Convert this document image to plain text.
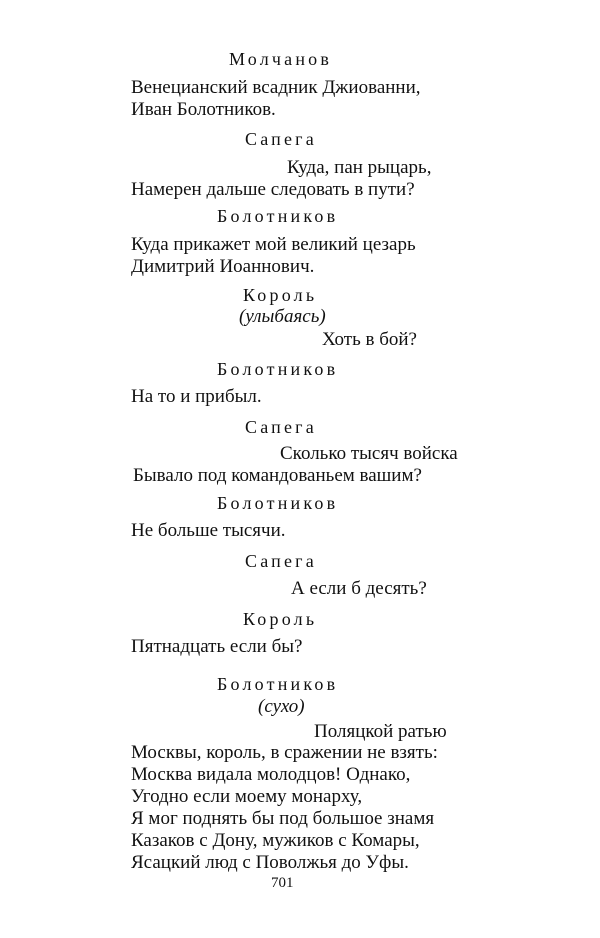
Молчанов

Венецианский всадник Джиованни,

Иван Болотников.

Сапега

Куда, пан рыцарь,

Намерен дальше следовать в пути?

Болотников

Куда прикажет мой великий цезарь

Димитрий Иоаннович.

Король

(улыбаясь)

Хоть в бой?

Болотников

На то и прибыл.

Сапега

Сколько тысяч войска

Бывало под командованьем вашим?

Болотников

Не больше тысячи.

Сапега

А если б десять?

Король

Пятнадцать если бы?

Болотников

(сухо)

Поляцкой ратью

Москвы, король, в сражении не взять:

Москва видала молодцов! Однако,

Угодно если моему монарху,

Я мог поднять бы под большое знамя

Казаков с Дону, мужиков с Комары,

Ясацкий люд с Поволжья до Уфы.

701
